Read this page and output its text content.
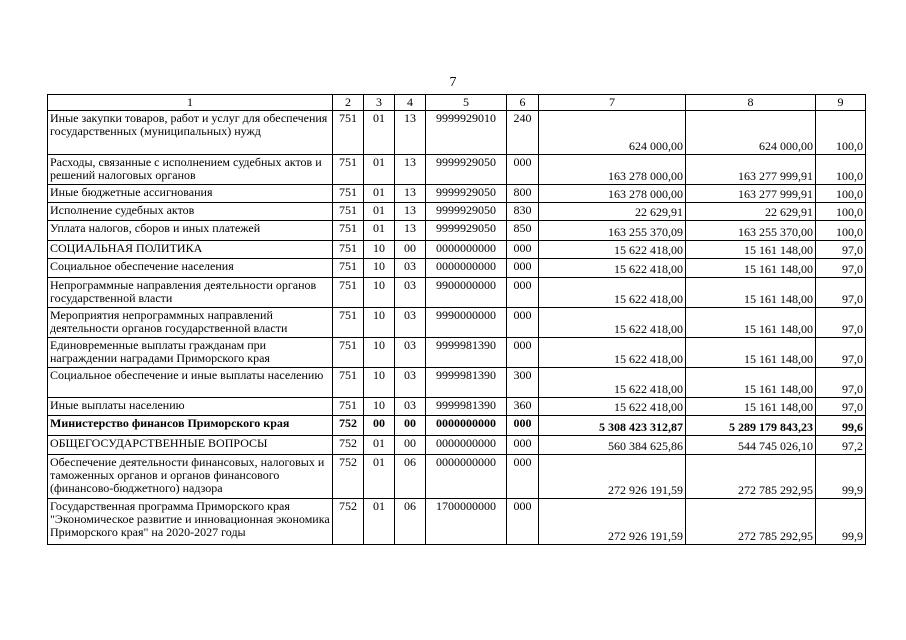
7
1	2	3	4	5	6	7	8	9
Иные закупки товаров, работ и услуг для обеспечения государственных (муниципальных) нужд	751	01	13	9999929010	240	624 000,00	624 000,00	100,0
Расходы, связанные с исполнением судебных актов и решений налоговых органов	751	01	13	9999929050	000	163 278 000,00	163 277 999,91	100,0
Иные бюджетные ассигнования	751	01	13	9999929050	800	163 278 000,00	163 277 999,91	100,0
Исполнение судебных актов	751	01	13	9999929050	830	22 629,91	22 629,91	100,0
Уплата налогов, сборов и иных платежей	751	01	13	9999929050	850	163 255 370,09	163 255 370,00	100,0
СОЦИАЛЬНАЯ ПОЛИТИКА	751	10	00	0000000000	000	15 622 418,00	15 161 148,00	97,0
Социальное обеспечение населения	751	10	03	0000000000	000	15 622 418,00	15 161 148,00	97,0
Непрограммные направления деятельности органов государственной власти	751	10	03	9900000000	000	15 622 418,00	15 161 148,00	97,0
Мероприятия непрограммных направлений деятельности органов государственной власти	751	10	03	9990000000	000	15 622 418,00	15 161 148,00	97,0
Единовременные выплаты гражданам при награждении наградами Приморского края	751	10	03	9999981390	000	15 622 418,00	15 161 148,00	97,0
Социальное обеспечение и иные выплаты населению	751	10	03	9999981390	300	15 622 418,00	15 161 148,00	97,0
Иные выплаты населению	751	10	03	9999981390	360	15 622 418,00	15 161 148,00	97,0
Министерство финансов Приморского края	752	00	00	0000000000	000	5 308 423 312,87	5 289 179 843,23	99,6
ОБЩЕГОСУДАРСТВЕННЫЕ ВОПРОСЫ	752	01	00	0000000000	000	560 384 625,86	544 745 026,10	97,2
Обеспечение деятельности финансовых, налоговых и таможенных органов и органов финансового (финансово-бюджетного) надзора	752	01	06	0000000000	000	272 926 191,59	272 785 292,95	99,9
Государственная программа Приморского края "Экономическое развитие и инновационная экономика Приморского края" на 2020-2027 годы	752	01	06	1700000000	000	272 926 191,59	272 785 292,95	99,9
